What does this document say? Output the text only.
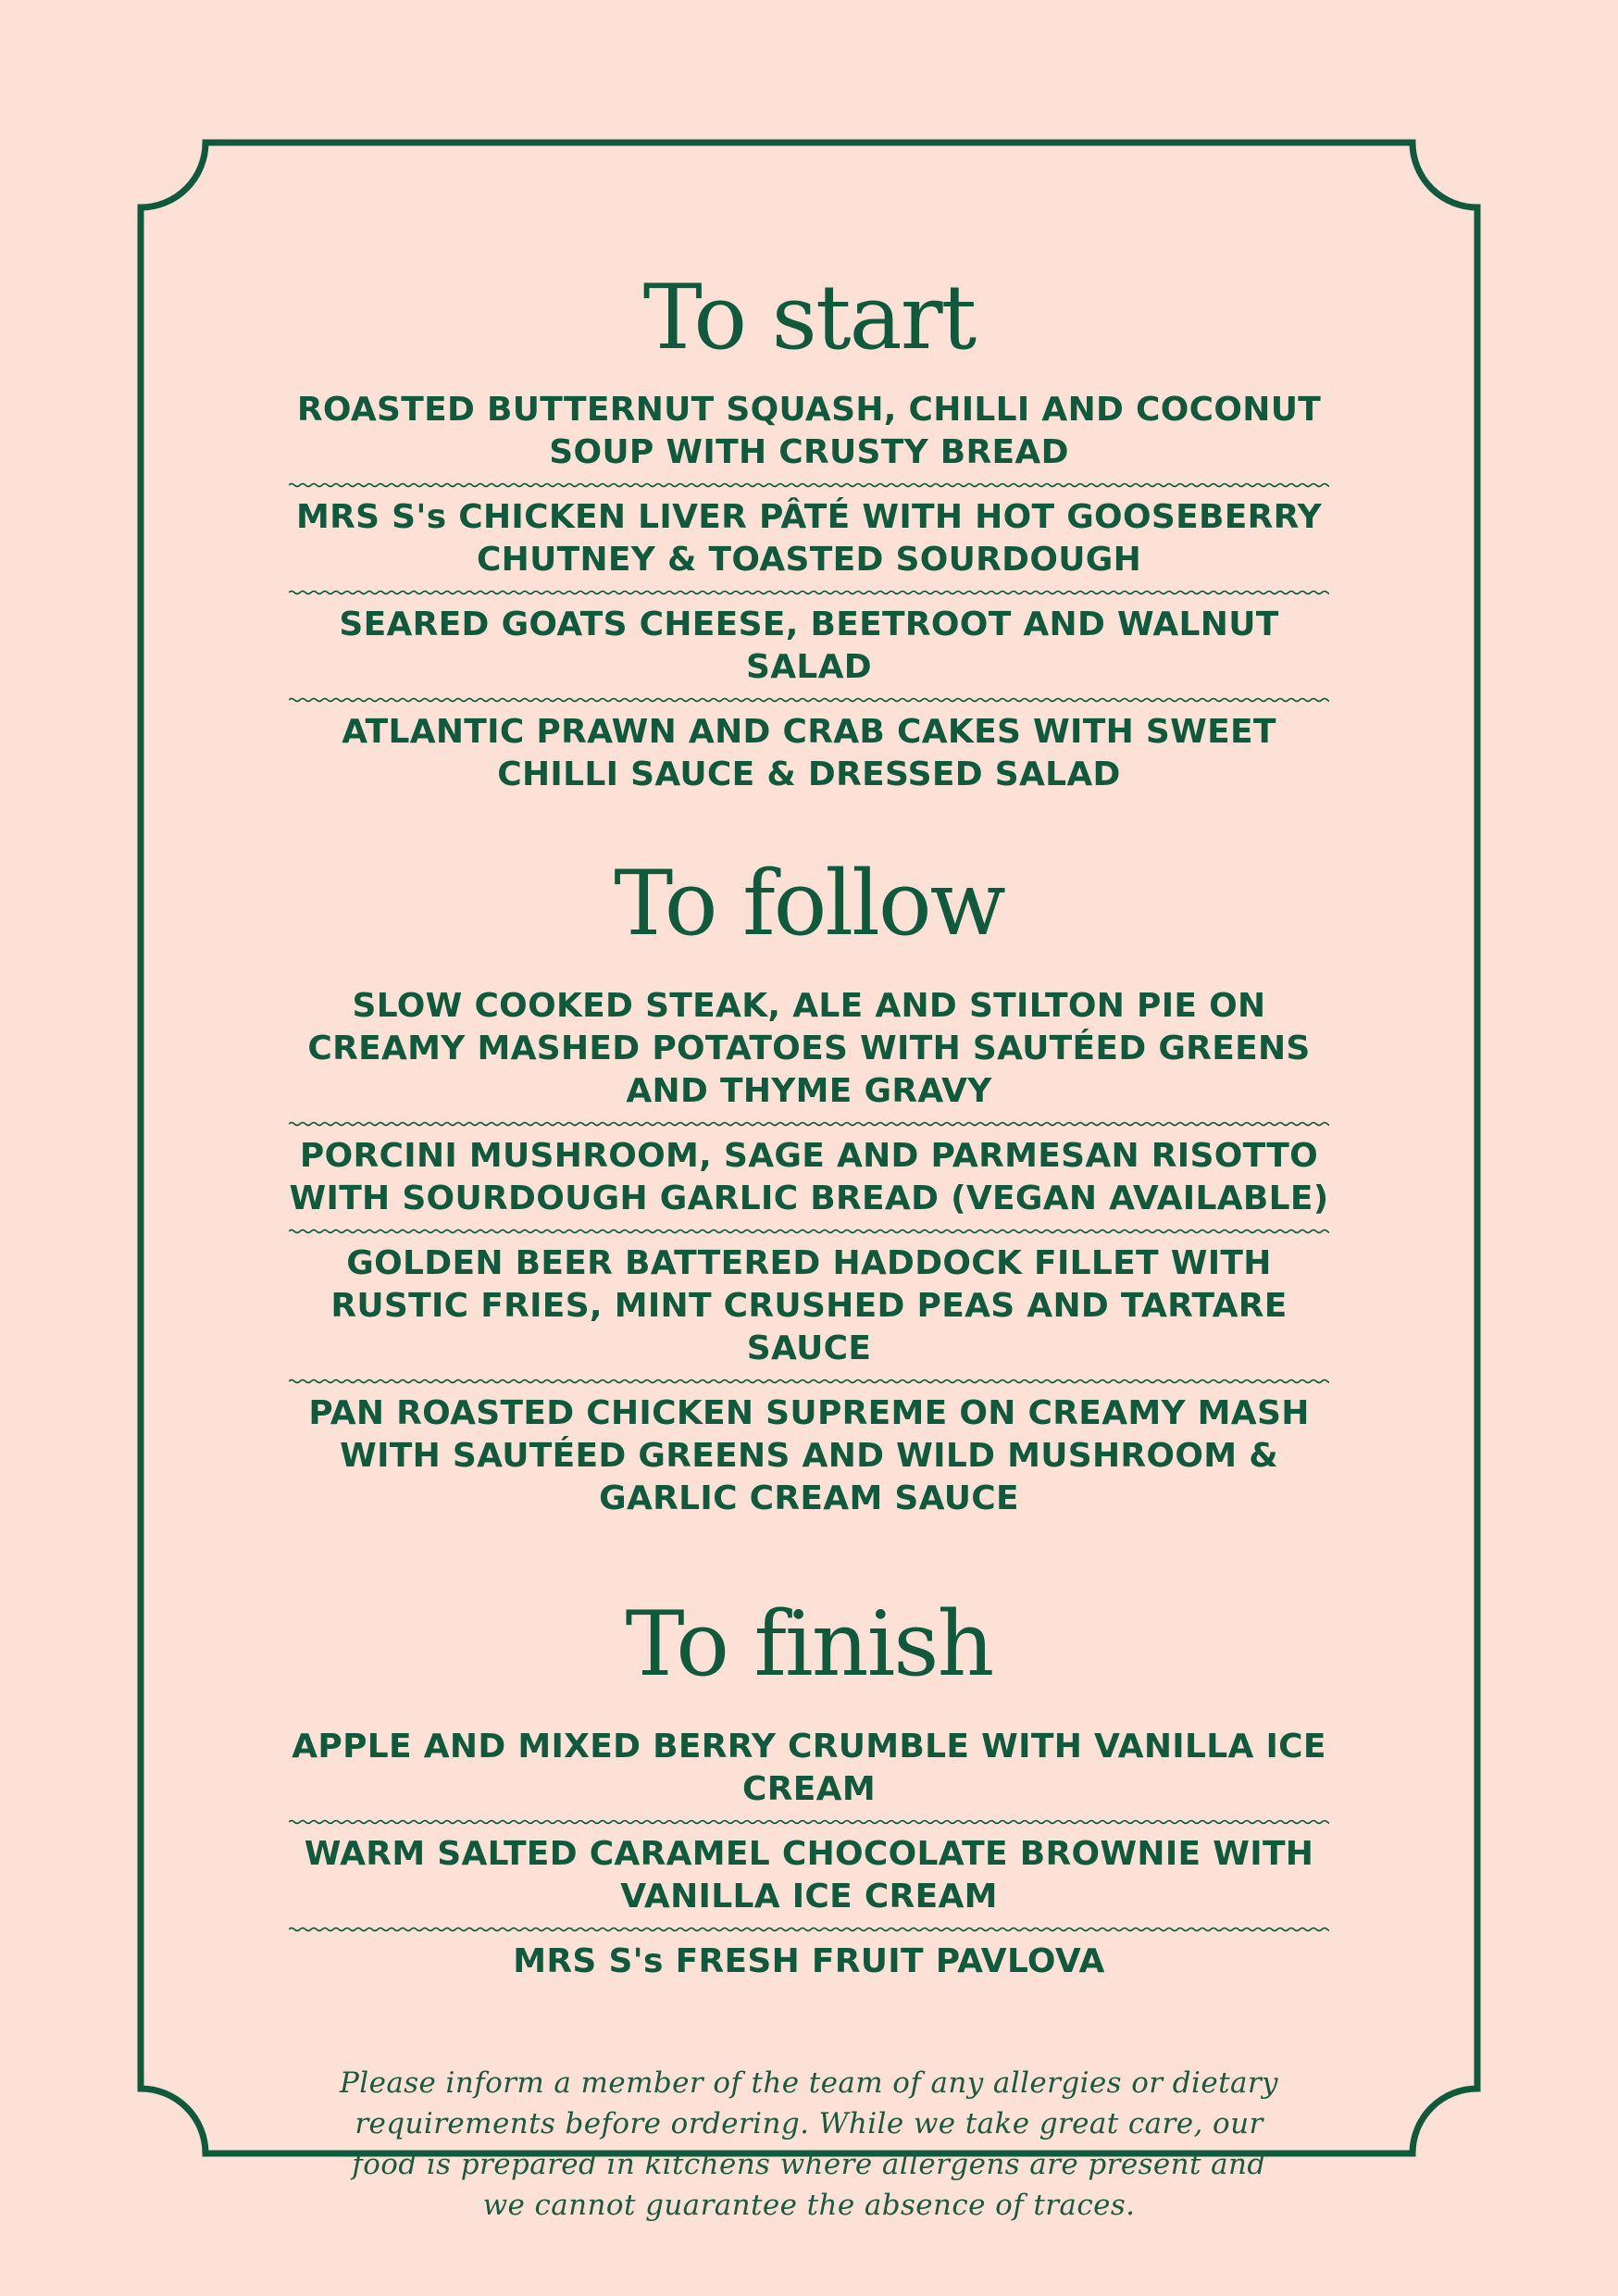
To start
ROASTED BUTTERNUT SQUASH, CHILLI AND COCONUT SOUP WITH CRUSTY BREAD
MRS S's CHICKEN LIVER PÂTÉ WITH HOT GOOSEBERRY CHUTNEY & TOASTED SOURDOUGH
SEARED GOATS CHEESE, BEETROOT AND WALNUT SALAD
ATLANTIC PRAWN AND CRAB CAKES WITH SWEET CHILLI SAUCE & DRESSED SALAD
To follow
SLOW COOKED STEAK, ALE AND STILTON PIE ON CREAMY MASHED POTATOES WITH SAUTÉED GREENS AND THYME GRAVY
PORCINI MUSHROOM, SAGE AND PARMESAN RISOTTO WITH SOURDOUGH GARLIC BREAD (VEGAN AVAILABLE)
GOLDEN BEER BATTERED HADDOCK FILLET WITH RUSTIC FRIES, MINT CRUSHED PEAS AND TARTARE SAUCE
PAN ROASTED CHICKEN SUPREME ON CREAMY MASH WITH SAUTÉED GREENS AND WILD MUSHROOM & GARLIC CREAM SAUCE
To finish
APPLE AND MIXED BERRY CRUMBLE WITH VANILLA ICE CREAM
WARM SALTED CARAMEL CHOCOLATE BROWNIE WITH VANILLA ICE CREAM
MRS S's FRESH FRUIT PAVLOVA

Please inform a member of the team of any allergies or dietary requirements before ordering. While we take great care, our food is prepared in kitchens where allergens are present and we cannot guarantee the absence of traces.
